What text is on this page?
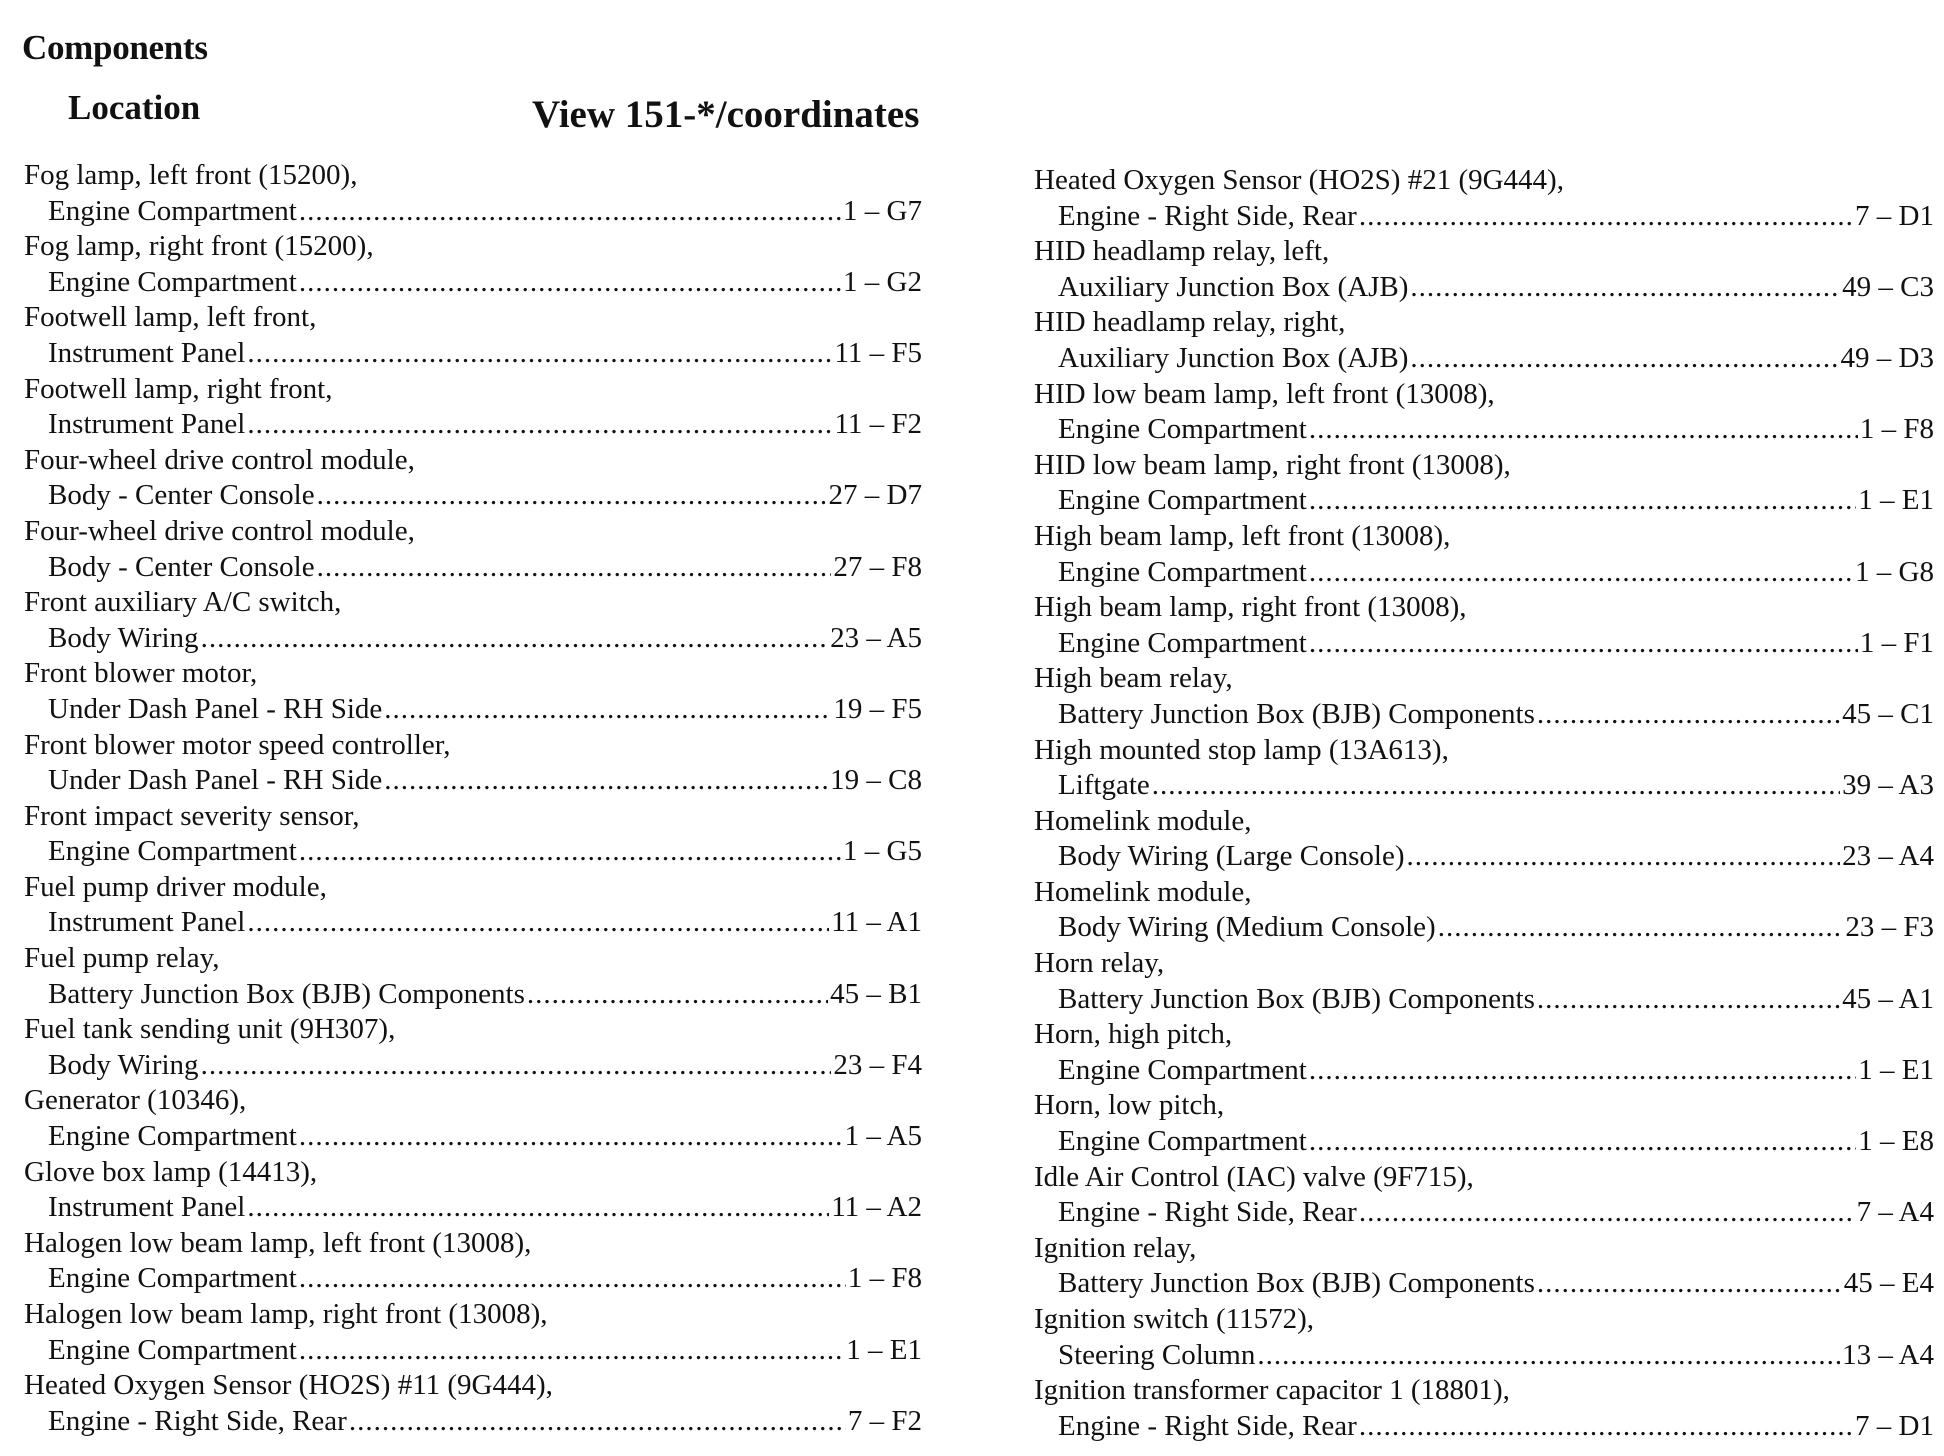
Components
Location	View 151-*/coordinates
Fog lamp, left front (15200),
Engine Compartment .....	1 – G7
Fog lamp, right front (15200),
Engine Compartment .....	1 – G2
Footwell lamp, left front,
Instrument Panel .....	11 – F5
Footwell lamp, right front,
Instrument Panel .....	11 – F2
Four-wheel drive control module,
Body - Center Console .....	27 – D7
Four-wheel drive control module,
Body - Center Console .....	27 – F8
Front auxiliary A/C switch,
Body Wiring .....	23 – A5
Front blower motor,
Under Dash Panel - RH Side .....	19 – F5
Front blower motor speed controller,
Under Dash Panel - RH Side .....	19 – C8
Front impact severity sensor,
Engine Compartment .....	1 – G5
Fuel pump driver module,
Instrument Panel .....	11 – A1
Fuel pump relay,
Battery Junction Box (BJB) Components .....	45 – B1
Fuel tank sending unit (9H307),
Body Wiring .....	23 – F4
Generator (10346),
Engine Compartment .....	1 – A5
Glove box lamp (14413),
Instrument Panel .....	11 – A2
Halogen low beam lamp, left front (13008),
Engine Compartment .....	1 – F8
Halogen low beam lamp, right front (13008),
Engine Compartment .....	1 – E1
Heated Oxygen Sensor (HO2S) #11 (9G444),
Engine - Right Side, Rear .....	7 – F2
Heated Oxygen Sensor (HO2S) #21 (9G444),
Engine - Right Side, Rear .....	7 – D1
HID headlamp relay, left,
Auxiliary Junction Box (AJB) .....	49 – C3
HID headlamp relay, right,
Auxiliary Junction Box (AJB) .....	49 – D3
HID low beam lamp, left front (13008),
Engine Compartment .....	1 – F8
HID low beam lamp, right front (13008),
Engine Compartment .....	1 – E1
High beam lamp, left front (13008),
Engine Compartment .....	1 – G8
High beam lamp, right front (13008),
Engine Compartment .....	1 – F1
High beam relay,
Battery Junction Box (BJB) Components .....	45 – C1
High mounted stop lamp (13A613),
Liftgate .....	39 – A3
Homelink module,
Body Wiring (Large Console) .....	23 – A4
Homelink module,
Body Wiring (Medium Console) .....	23 – F3
Horn relay,
Battery Junction Box (BJB) Components .....	45 – A1
Horn, high pitch,
Engine Compartment .....	1 – E1
Horn, low pitch,
Engine Compartment .....	1 – E8
Idle Air Control (IAC) valve (9F715),
Engine - Right Side, Rear .....	7 – A4
Ignition relay,
Battery Junction Box (BJB) Components .....	45 – E4
Ignition switch (11572),
Steering Column .....	13 – A4
Ignition transformer capacitor 1 (18801),
Engine - Right Side, Rear .....	7 – D1
